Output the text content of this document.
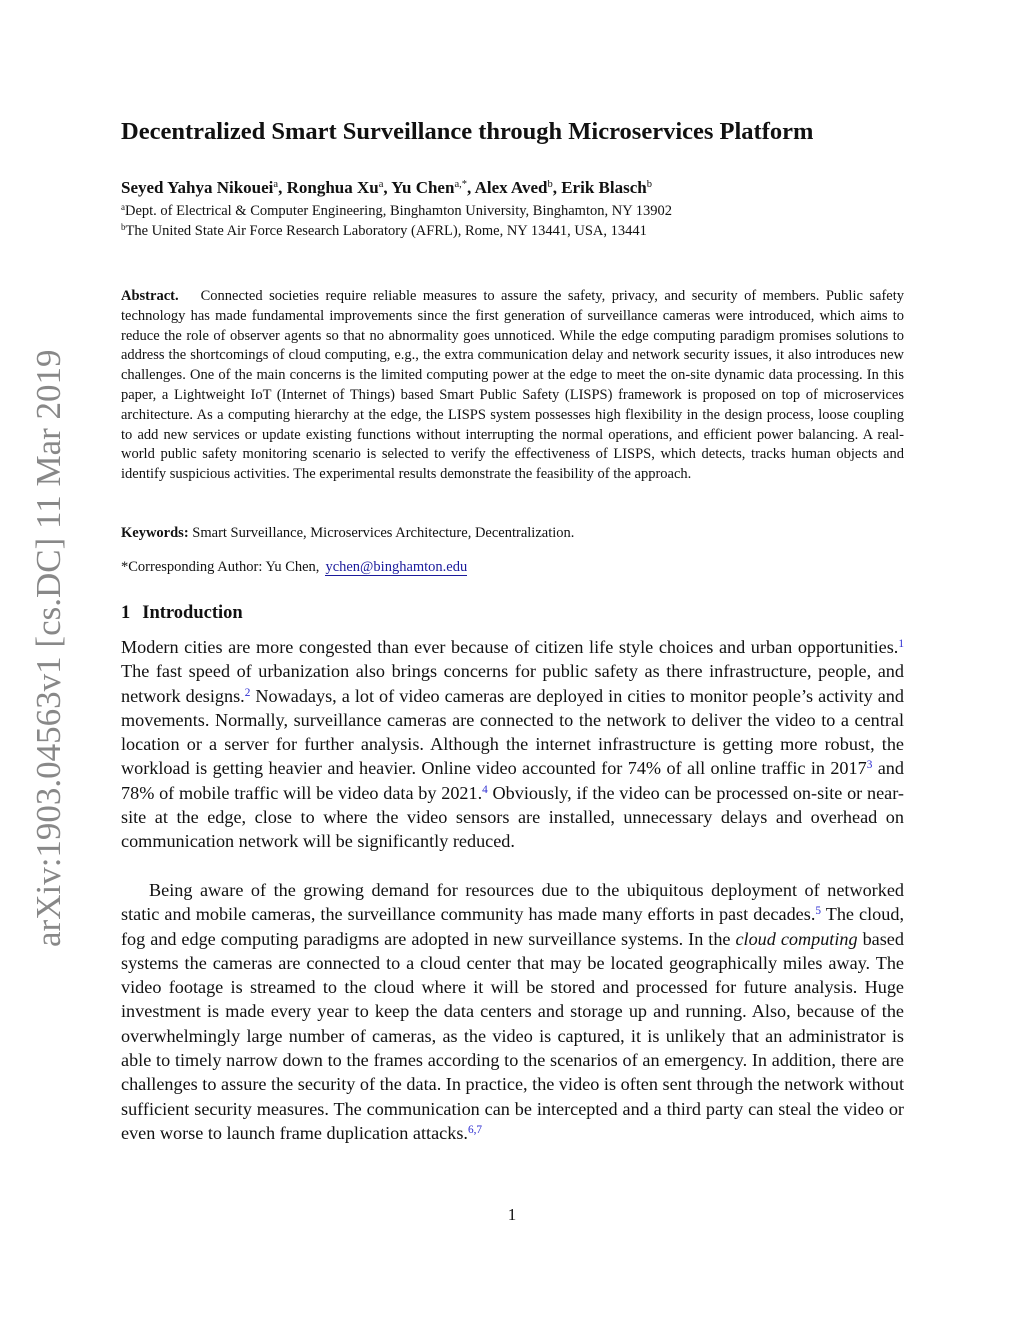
arXiv:1903.04563v1 [cs.DC] 11 Mar 2019
Decentralized Smart Surveillance through Microservices Platform
Seyed Yahya Nikouei$^a$, Ronghua Xu$^a$, Yu Chen$^{a,*}$, Alex Aved$^b$, Erik Blasch$^b$
$^a$Dept. of Electrical & Computer Engineering, Binghamton University, Binghamton, NY 13902
$^b$The United State Air Force Research Laboratory (AFRL), Rome, NY 13441, USA, 13441
Abstract. Connected societies require reliable measures to assure the safety, privacy, and security of members. Public safety technology has made fundamental improvements since the first generation of surveillance cameras were introduced, which aims to reduce the role of observer agents so that no abnormality goes unnoticed. While the edge computing paradigm promises solutions to address the shortcomings of cloud computing, e.g., the extra communication delay and network security issues, it also introduces new challenges. One of the main concerns is the limited computing power at the edge to meet the on-site dynamic data processing. In this paper, a Lightweight IoT (Internet of Things) based Smart Public Safety (LISPS) framework is proposed on top of microservices architecture. As a computing hierarchy at the edge, the LISPS system possesses high flexibility in the design process, loose coupling to add new services or update existing functions without interrupting the normal operations, and efficient power balancing. A real-world public safety monitoring scenario is selected to verify the effectiveness of LISPS, which detects, tracks human objects and identify suspicious activities. The experimental results demonstrate the feasibility of the approach.
Keywords: Smart Surveillance, Microservices Architecture, Decentralization.
*Corresponding Author: Yu Chen, ychen@binghamton.edu
1 Introduction

Modern cities are more congested than ever because of citizen life style choices and urban opportunities.$^1$ The fast speed of urbanization also brings concerns for public safety as there infrastructure, people, and network designs.$^2$ Nowadays, a lot of video cameras are deployed in cities to monitor people’s activity and movements. Normally, surveillance cameras are connected to the network to deliver the video to a central location or a server for further analysis. Although the internet infrastructure is getting more robust, the workload is getting heavier and heavier. Online video accounted for 74% of all online traffic in 2017$^3$ and 78% of mobile traffic will be video data by 2021.$^4$ Obviously, if the video can be processed on-site or near-site at the edge, close to where the video sensors are installed, unnecessary delays and overhead on communication network will be significantly reduced.

Being aware of the growing demand for resources due to the ubiquitous deployment of networked static and mobile cameras, the surveillance community has made many efforts in past decades.$^5$ The cloud, fog and edge computing paradigms are adopted in new surveillance systems. In the cloud computing based systems the cameras are connected to a cloud center that may be located geographically miles away. The video footage is streamed to the cloud where it will be stored and processed for future analysis. Huge investment is made every year to keep the data centers and storage up and running. Also, because of the overwhelmingly large number of cameras, as the video is captured, it is unlikely that an administrator is able to timely narrow down to the frames according to the scenarios of an emergency. In addition, there are challenges to assure the security of the data. In practice, the video is often sent through the network without sufficient security measures. The communication can be intercepted and a third party can steal the video or even worse to launch frame duplication attacks.$^{6,7}$

1
